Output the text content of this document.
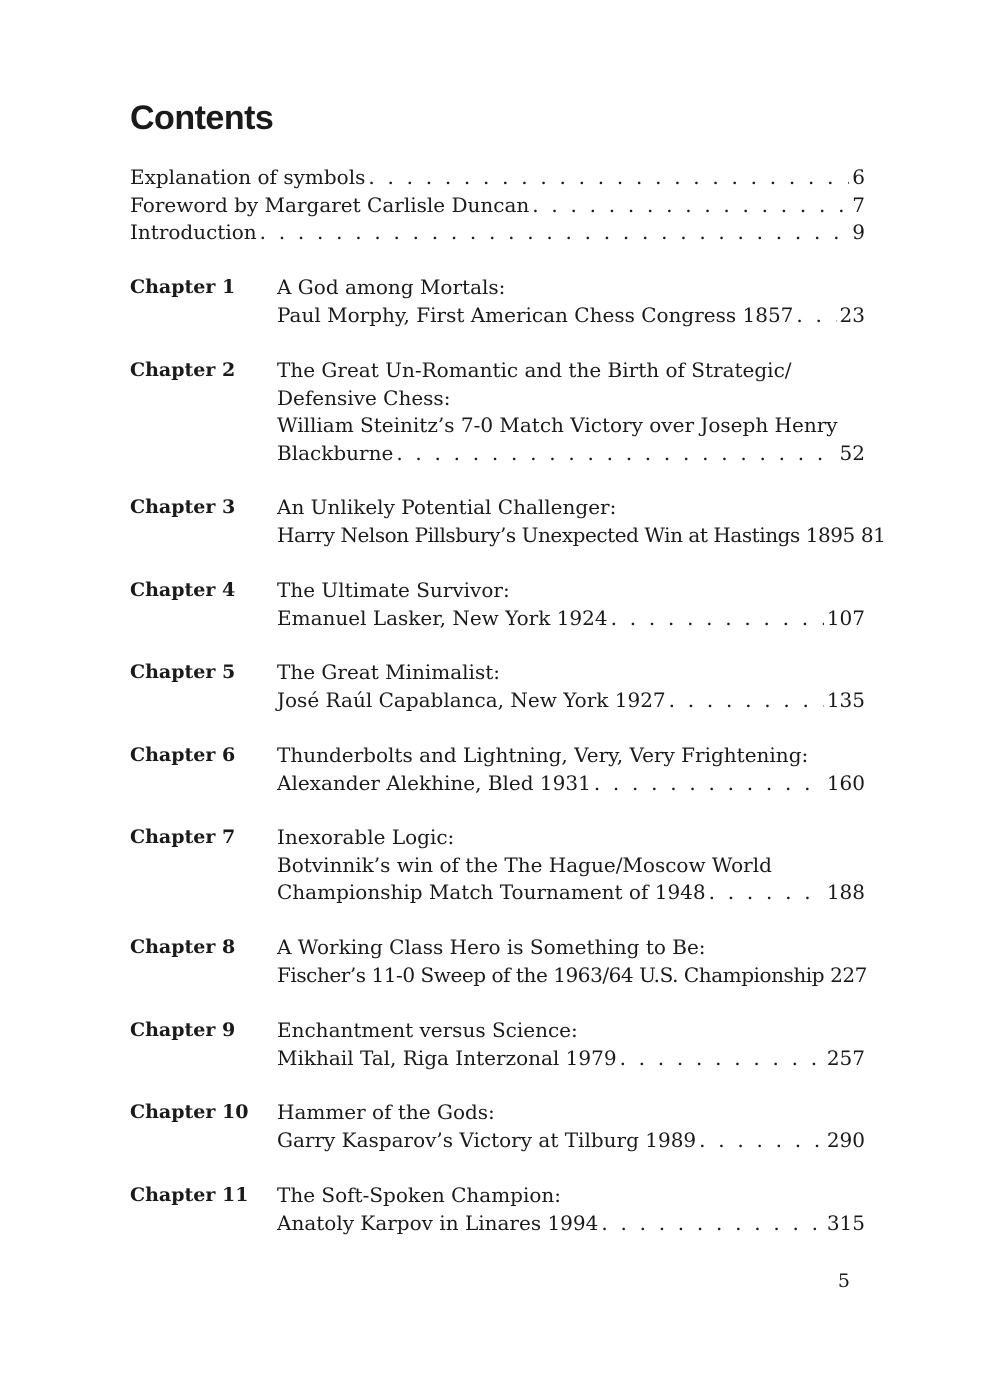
Contents
Explanation of symbols . . .	6
Foreword by Margaret Carlisle Duncan . . .	7
Introduction . . .	9
Chapter 1	A God among Mortals:
Paul Morphy, First American Chess Congress 1857 . . . 23
Chapter 2	The Great Un-Romantic and the Birth of Strategic/
Defensive Chess:
William Steinitz’s 7-0 Match Victory over Joseph Henry
Blackburne . . .	52
Chapter 3	An Unlikely Potential Challenger:
Harry Nelson Pillsbury’s Unexpected Win at Hastings 1895 81
Chapter 4	The Ultimate Survivor:
Emanuel Lasker, New York 1924 . . .	107
Chapter 5	The Great Minimalist:
José Raúl Capablanca, New York 1927 . . .	135
Chapter 6	Thunderbolts and Lightning, Very, Very Frightening:
Alexander Alekhine, Bled 1931 . . .	160
Chapter 7	Inexorable Logic:
Botvinnik’s win of the The Hague/Moscow World
Championship Match Tournament of 1948 . . .	188
Chapter 8	A Working Class Hero is Something to Be:
Fischer’s 11-0 Sweep of the 1963/64 U.S. Championship 227
Chapter 9	Enchantment versus Science:
Mikhail Tal, Riga Interzonal 1979 . . .	257
Chapter 10	Hammer of the Gods:
Garry Kasparov’s Victory at Tilburg 1989 . . .	290
Chapter 11	The Soft-Spoken Champion:
Anatoly Karpov in Linares 1994 . . .	315
5
